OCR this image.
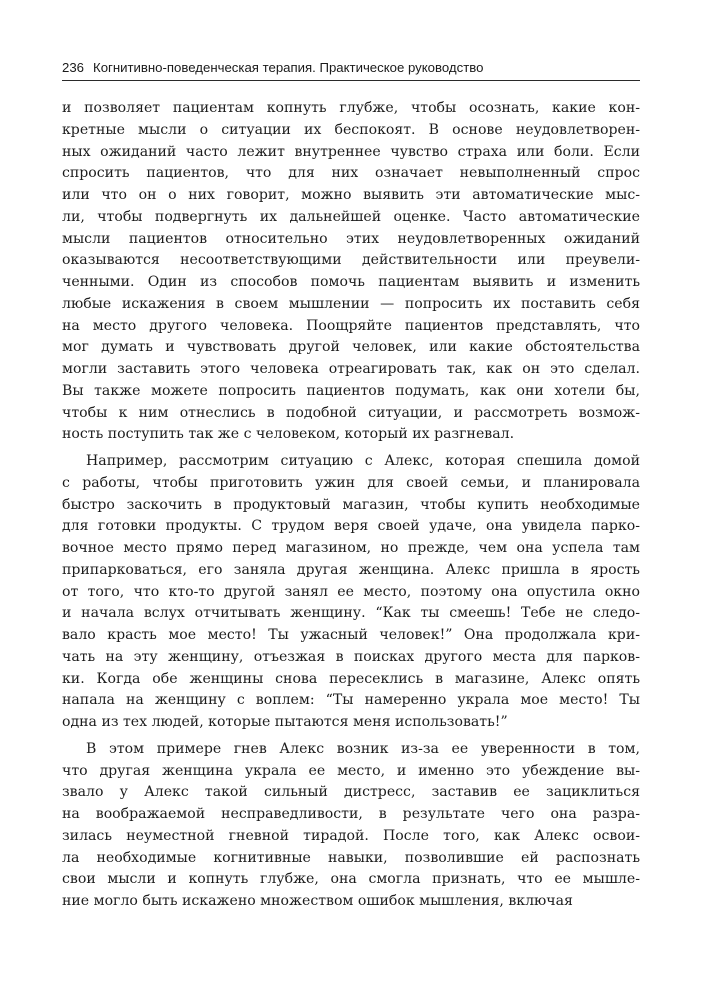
236 Когнитивно-поведенческая терапия. Практическое руководство
и позволяет пациентам копнуть глубже, чтобы осознать, какие кон-
кретные мысли о ситуации их беспокоят. В основе неудовлетворен-
ных ожиданий часто лежит внутреннее чувство страха или боли. Если
спросить пациентов, что для них означает невыполненный спрос
или что он о них говорит, можно выявить эти автоматические мыс-
ли, чтобы подвергнуть их дальнейшей оценке. Часто автоматические
мысли пациентов относительно этих неудовлетворенных ожиданий
оказываются несоответствующими действительности или преувели-
ченными. Один из способов помочь пациентам выявить и изменить
любые искажения в своем мышлении — попросить их поставить себя
на место другого человека. Поощряйте пациентов представлять, что
мог думать и чувствовать другой человек, или какие обстоятельства
могли заставить этого человека отреагировать так, как он это сделал.
Вы также можете попросить пациентов подумать, как они хотели бы,
чтобы к ним отнеслись в подобной ситуации, и рассмотреть возмож-
ность поступить так же с человеком, который их разгневал.
Например, рассмотрим ситуацию с Алекс, которая спешила домой
с работы, чтобы приготовить ужин для своей семьи, и планировала
быстро заскочить в продуктовый магазин, чтобы купить необходимые
для готовки продукты. С трудом веря своей удаче, она увидела парко-
вочное место прямо перед магазином, но прежде, чем она успела там
припарковаться, его заняла другая женщина. Алекс пришла в ярость
от того, что кто-то другой занял ее место, поэтому она опустила окно
и начала вслух отчитывать женщину. “Как ты смеешь! Тебе не следо-
вало красть мое место! Ты ужасный человек!” Она продолжала кри-
чать на эту женщину, отъезжая в поисках другого места для парков-
ки. Когда обе женщины снова пересеклись в магазине, Алекс опять
напала на женщину с воплем: “Ты намеренно украла мое место! Ты
одна из тех людей, которые пытаются меня использовать!”
В этом примере гнев Алекс возник из-за ее уверенности в том,
что другая женщина украла ее место, и именно это убеждение вы-
звало у Алекс такой сильный дистресс, заставив ее зациклиться
на воображаемой несправедливости, в результате чего она разра-
зилась неуместной гневной тирадой. После того, как Алекс освои-
ла необходимые когнитивные навыки, позволившие ей распознать
свои мысли и копнуть глубже, она смогла признать, что ее мышле-
ние могло быть искажено множеством ошибок мышления, включая
